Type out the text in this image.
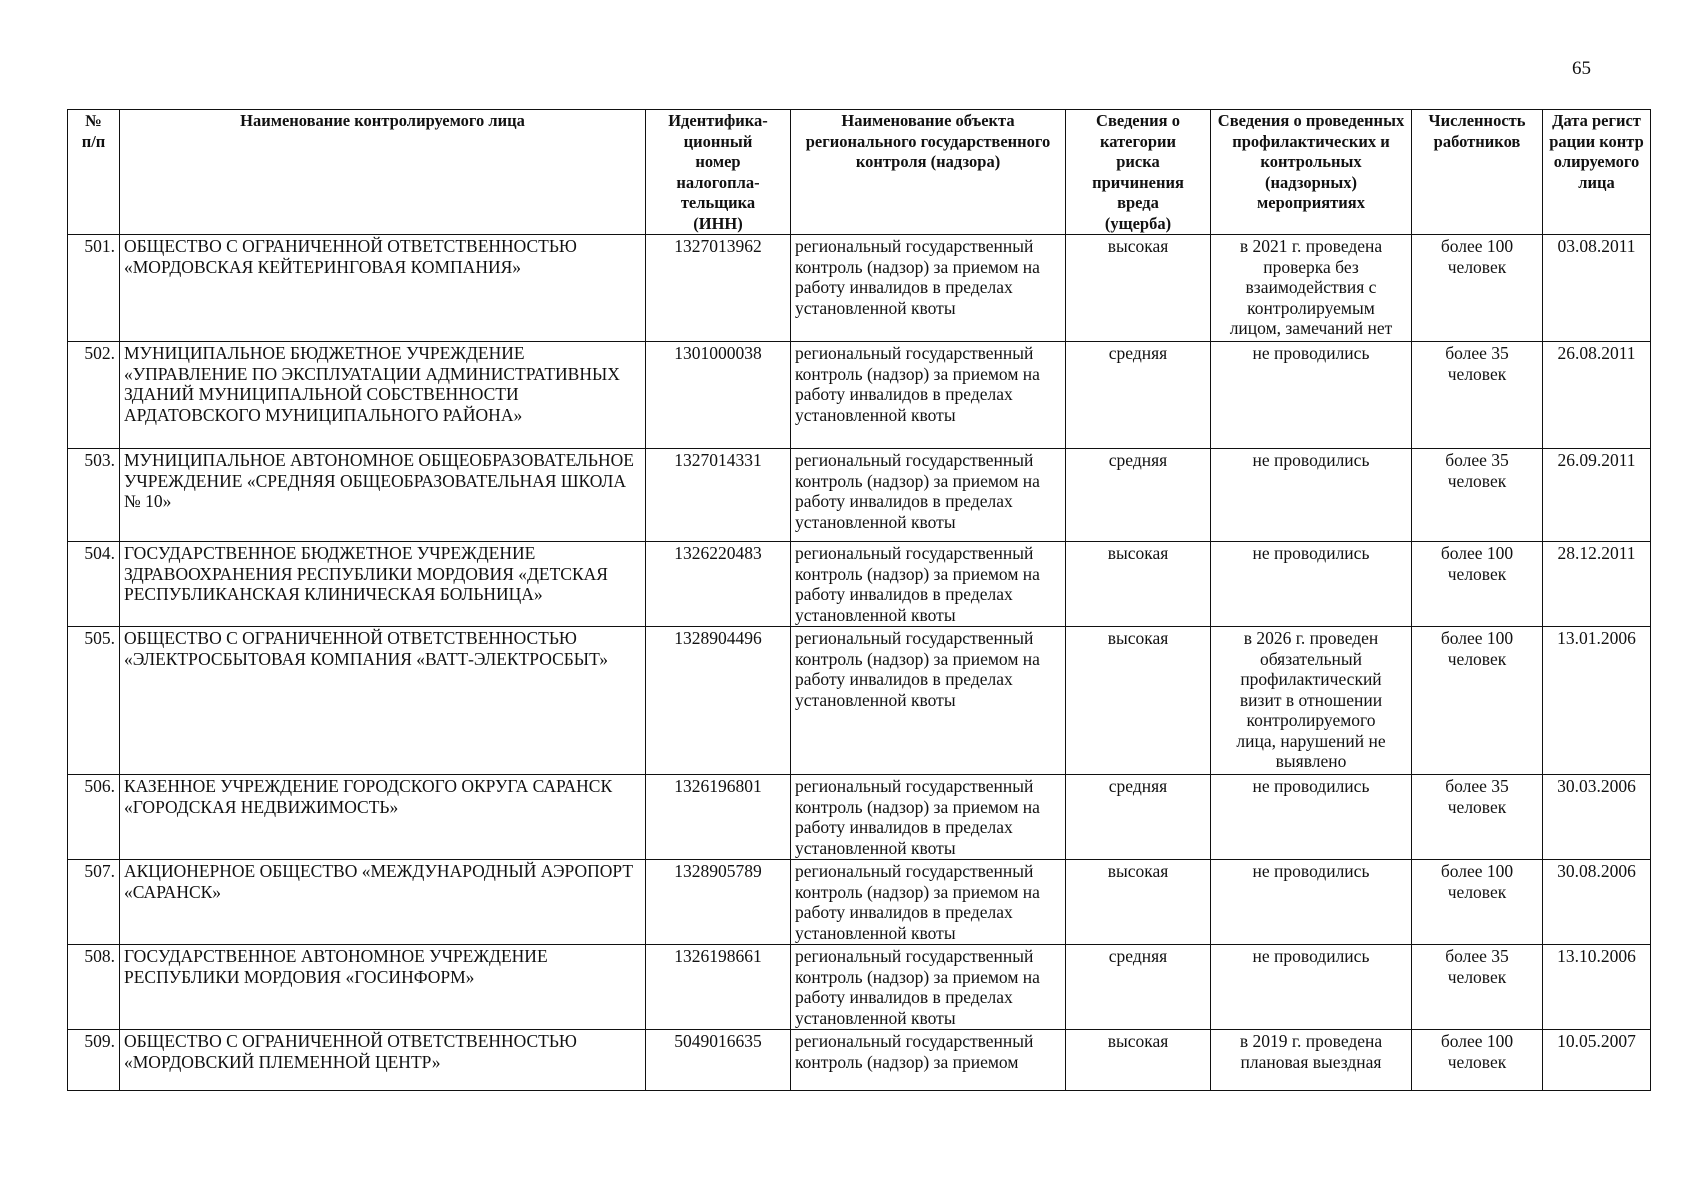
65
№ п/п	Наименование контролируемого лица	Идентифика-ционный номер налогопла-тельщика (ИНН)	Наименование объекта регионального государственного контроля (надзора)	Сведения о категории риска причинения вреда (ущерба)	Сведения о проведенных профилактических и контрольных (надзорных) мероприятиях	Численность работников	Дата регистрации контролируемого лица
501.	ОБЩЕСТВО С ОГРАНИЧЕННОЙ ОТВЕТСТВЕННОСТЬЮ «МОРДОВСКАЯ КЕЙТЕРИНГОВАЯ КОМПАНИЯ»	1327013962	региональный государственный контроль (надзор) за приемом на работу инвалидов в пределах установленной квоты	высокая	в 2021 г. проведена проверка без взаимодействия с контролируемым лицом, замечаний нет	более 100 человек	03.08.2011
502.	МУНИЦИПАЛЬНОЕ БЮДЖЕТНОЕ УЧРЕЖДЕНИЕ «УПРАВЛЕНИЕ ПО ЭКСПЛУАТАЦИИ АДМИНИСТРАТИВНЫХ ЗДАНИЙ МУНИЦИПАЛЬНОЙ СОБСТВЕННОСТИ АРДАТОВСКОГО МУНИЦИПАЛЬНОГО РАЙОНА»	1301000038	региональный государственный контроль (надзор) за приемом на работу инвалидов в пределах установленной квоты	средняя	не проводились	более 35 человек	26.08.2011
503.	МУНИЦИПАЛЬНОЕ АВТОНОМНОЕ ОБЩЕОБРАЗОВАТЕЛЬНОЕ УЧРЕЖДЕНИЕ «СРЕДНЯЯ ОБЩЕОБРАЗОВАТЕЛЬНАЯ ШКОЛА № 10»	1327014331	региональный государственный контроль (надзор) за приемом на работу инвалидов в пределах установленной квоты	средняя	не проводились	более 35 человек	26.09.2011
504.	ГОСУДАРСТВЕННОЕ БЮДЖЕТНОЕ УЧРЕЖДЕНИЕ ЗДРАВООХРАНЕНИЯ РЕСПУБЛИКИ МОРДОВИЯ «ДЕТСКАЯ РЕСПУБЛИКАНСКАЯ КЛИНИЧЕСКАЯ БОЛЬНИЦА»	1326220483	региональный государственный контроль (надзор) за приемом на работу инвалидов в пределах установленной квоты	высокая	не проводились	более 100 человек	28.12.2011
505.	ОБЩЕСТВО С ОГРАНИЧЕННОЙ ОТВЕТСТВЕННОСТЬЮ «ЭЛЕКТРОСБЫТОВАЯ КОМПАНИЯ «ВАТТ-ЭЛЕКТРОСБЫТ»	1328904496	региональный государственный контроль (надзор) за приемом на работу инвалидов в пределах установленной квоты	высокая	в 2026 г. проведен обязательный профилактический визит в отношении контролируемого лица, нарушений не выявлено	более 100 человек	13.01.2006
506.	КАЗЕННОЕ УЧРЕЖДЕНИЕ ГОРОДСКОГО ОКРУГА САРАНСК «ГОРОДСКАЯ НЕДВИЖИМОСТЬ»	1326196801	региональный государственный контроль (надзор) за приемом на работу инвалидов в пределах установленной квоты	средняя	не проводились	более 35 человек	30.03.2006
507.	АКЦИОНЕРНОЕ ОБЩЕСТВО «МЕЖДУНАРОДНЫЙ АЭРОПОРТ «САРАНСК»	1328905789	региональный государственный контроль (надзор) за приемом на работу инвалидов в пределах установленной квоты	высокая	не проводились	более 100 человек	30.08.2006
508.	ГОСУДАРСТВЕННОЕ АВТОНОМНОЕ УЧРЕЖДЕНИЕ РЕСПУБЛИКИ МОРДОВИЯ «ГОСИНФОРМ»	1326198661	региональный государственный контроль (надзор) за приемом на работу инвалидов в пределах установленной квоты	средняя	не проводились	более 35 человек	13.10.2006
509.	ОБЩЕСТВО С ОГРАНИЧЕННОЙ ОТВЕТСТВЕННОСТЬЮ «МОРДОВСКИЙ ПЛЕМЕННОЙ ЦЕНТР»	5049016635	региональный государственный контроль (надзор) за приемом	высокая	в 2019 г. проведена плановая выездная	более 100 человек	10.05.2007
